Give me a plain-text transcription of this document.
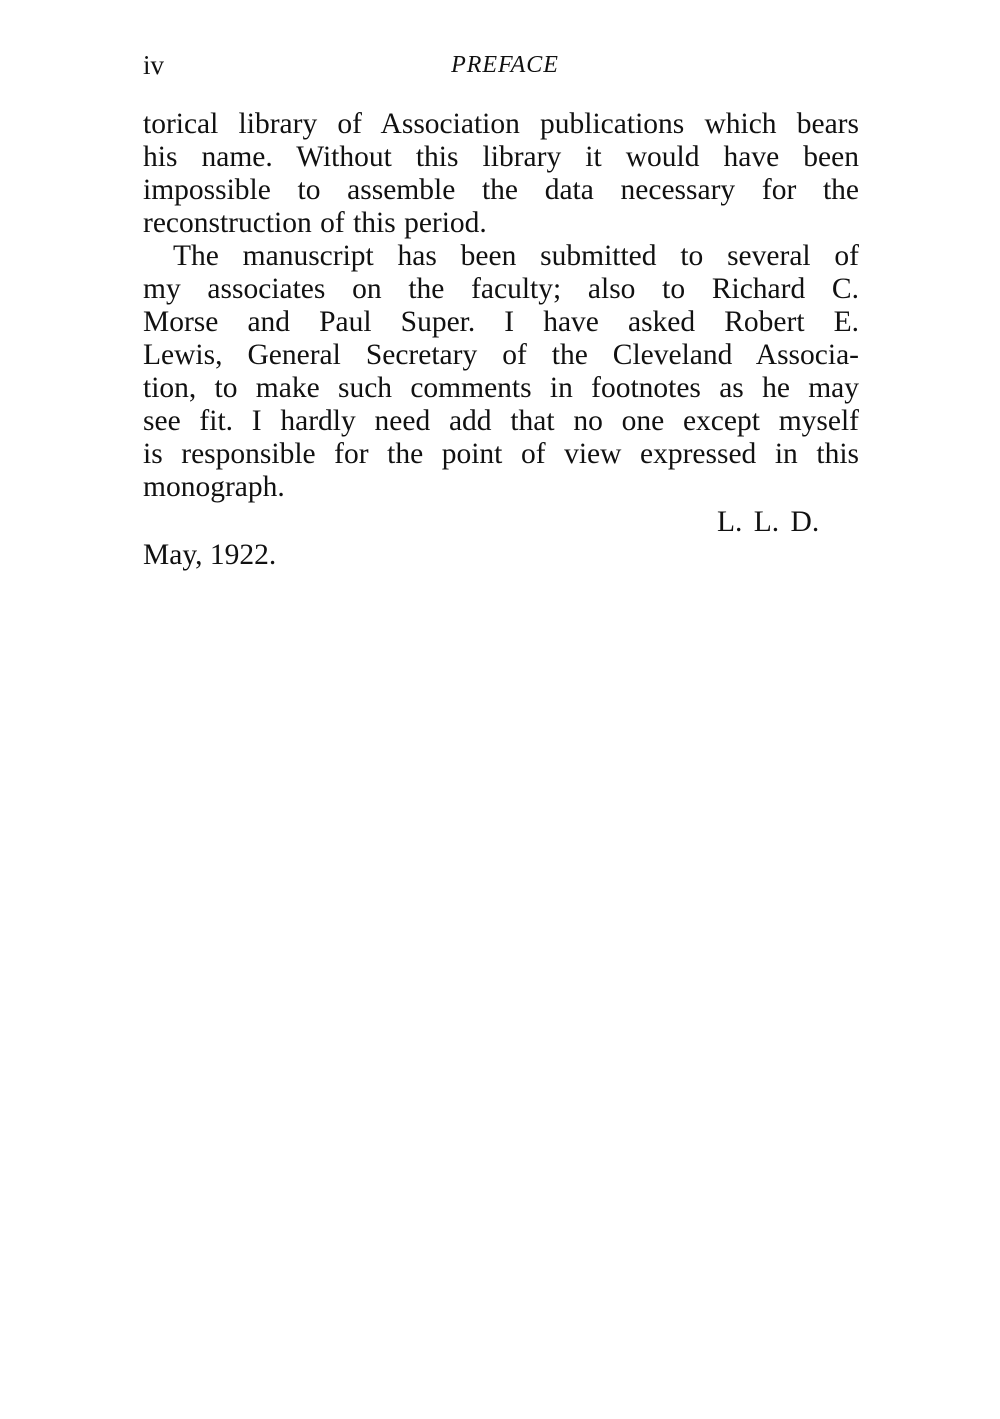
iv	PREFACE
torical library of Association publications which bears
his name. Without this library it would have been
impossible to assemble the data necessary for the
reconstruction of this period.
The manuscript has been submitted to several of
my associates on the faculty; also to Richard C.
Morse and Paul Super. I have asked Robert E.
Lewis, General Secretary of the Cleveland Associa-
tion, to make such comments in footnotes as he may
see fit. I hardly need add that no one except myself
is responsible for the point of view expressed in this
monograph.
L. L. D.
May, 1922.
